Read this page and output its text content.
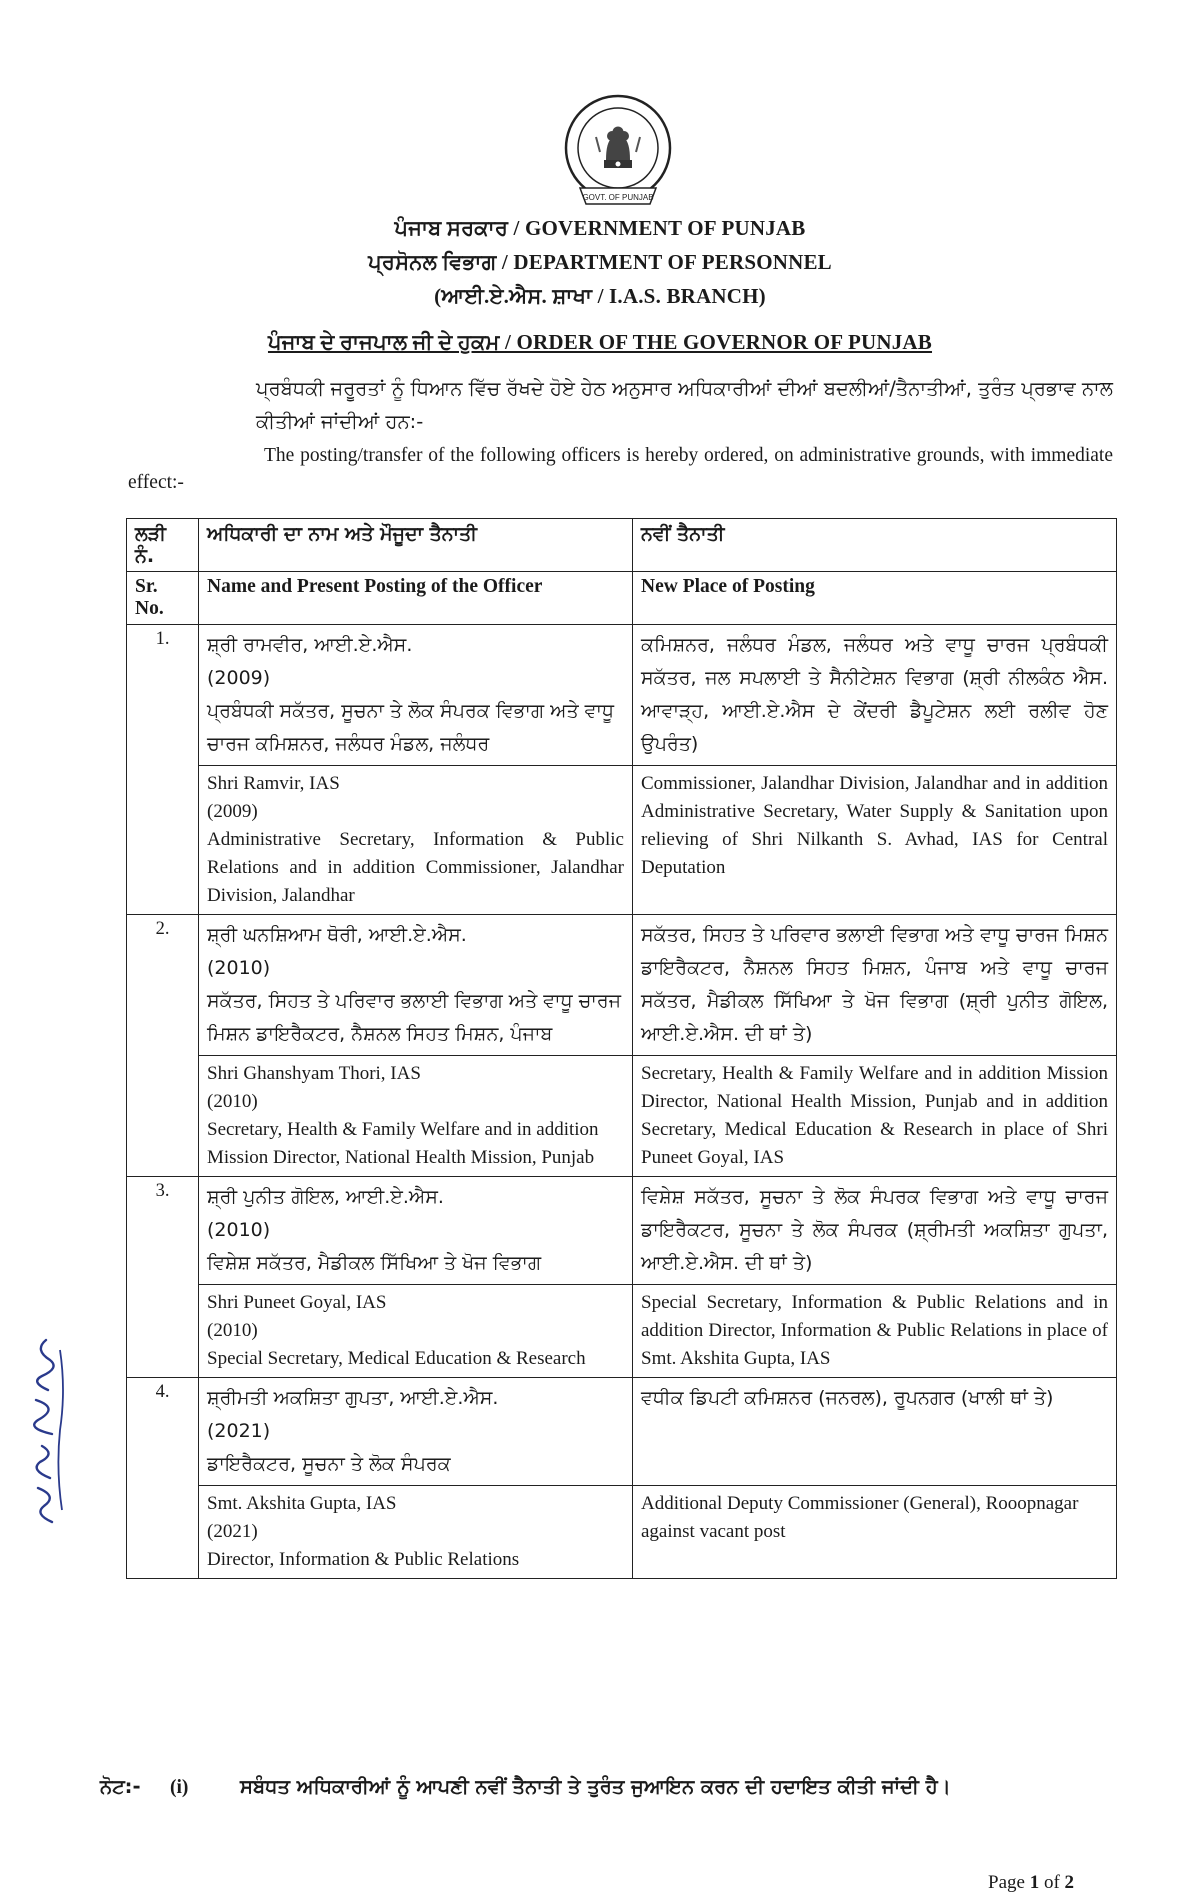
GOVT. OF PUNJAB
ਪੰਜਾਬ ਸਰਕਾਰ / GOVERNMENT OF PUNJAB
ਪ੍ਰਸੋਨਲ ਵਿਭਾਗ / DEPARTMENT OF PERSONNEL
(ਆਈ.ਏ.ਐਸ. ਸ਼ਾਖਾ / I.A.S. BRANCH)
ਪੰਜਾਬ ਦੇ ਰਾਜਪਾਲ ਜੀ ਦੇ ਹੁਕਮ / ORDER OF THE GOVERNOR OF PUNJAB
ਪ੍ਰਬੰਧਕੀ ਜਰੂਰਤਾਂ ਨੂੰ ਧਿਆਨ ਵਿੱਚ ਰੱਖਦੇ ਹੋਏ ਹੇਠ ਅਨੁਸਾਰ ਅਧਿਕਾਰੀਆਂ ਦੀਆਂ ਬਦਲੀਆਂ/ਤੈਨਾਤੀਆਂ, ਤੁਰੰਤ ਪ੍ਰਭਾਵ ਨਾਲ ਕੀਤੀਆਂ ਜਾਂਦੀਆਂ ਹਨ:-
The posting/transfer of the following officers is hereby ordered, on administrative grounds, with immediate effect:-
ਲੜੀ ਨੰ.	ਅਧਿਕਾਰੀ ਦਾ ਨਾਮ ਅਤੇ ਮੌਜੂਦਾ ਤੈਨਾਤੀ	ਨਵੀਂ ਤੈਨਾਤੀ
Sr. No.	Name and Present Posting of the Officer	New Place of Posting
1.	ਸ਼੍ਰੀ ਰਾਮਵੀਰ, ਆਈ.ਏ.ਐਸ.
(2009)
ਪ੍ਰਬੰਧਕੀ ਸਕੱਤਰ, ਸੂਚਨਾ ਤੇ ਲੋਕ ਸੰਪਰਕ ਵਿਭਾਗ ਅਤੇ ਵਾਧੂ ਚਾਰਜ ਕਮਿਸ਼ਨਰ, ਜਲੰਧਰ ਮੰਡਲ, ਜਲੰਧਰ	ਕਮਿਸ਼ਨਰ, ਜਲੰਧਰ ਮੰਡਲ, ਜਲੰਧਰ ਅਤੇ ਵਾਧੂ ਚਾਰਜ ਪ੍ਰਬੰਧਕੀ ਸਕੱਤਰ, ਜਲ ਸਪਲਾਈ ਤੇ ਸੈਨੀਟੇਸ਼ਨ ਵਿਭਾਗ (ਸ਼੍ਰੀ ਨੀਲਕੰਠ ਐਸ. ਆਵਾੜ੍ਹ, ਆਈ.ਏ.ਐਸ ਦੇ ਕੇਂਦਰੀ ਡੈਪੂਟੇਸ਼ਨ ਲਈ ਰਲੀਵ ਹੋਣ ਉਪਰੰਤ)

	Shri Ramvir, IAS
(2009)
Administrative Secretary, Information & Public Relations and in addition Commissioner, Jalandhar Division, Jalandhar	Commissioner, Jalandhar Division, Jalandhar and in addition Administrative Secretary, Water Supply & Sanitation upon relieving of Shri Nilkanth S. Avhad, IAS for Central Deputation
2.	ਸ਼੍ਰੀ ਘਨਸ਼ਿਆਮ ਥੋਰੀ, ਆਈ.ਏ.ਐਸ.
(2010)
ਸਕੱਤਰ, ਸਿਹਤ ਤੇ ਪਰਿਵਾਰ ਭਲਾਈ ਵਿਭਾਗ ਅਤੇ ਵਾਧੂ ਚਾਰਜ ਮਿਸ਼ਨ ਡਾਇਰੈਕਟਰ, ਨੈਸ਼ਨਲ ਸਿਹਤ ਮਿਸ਼ਨ, ਪੰਜਾਬ	ਸਕੱਤਰ, ਸਿਹਤ ਤੇ ਪਰਿਵਾਰ ਭਲਾਈ ਵਿਭਾਗ ਅਤੇ ਵਾਧੂ ਚਾਰਜ ਮਿਸ਼ਨ ਡਾਇਰੈਕਟਰ, ਨੈਸ਼ਨਲ ਸਿਹਤ ਮਿਸ਼ਨ, ਪੰਜਾਬ ਅਤੇ ਵਾਧੂ ਚਾਰਜ ਸਕੱਤਰ, ਮੈਡੀਕਲ ਸਿੱਖਿਆ ਤੇ ਖੋਜ ਵਿਭਾਗ (ਸ਼੍ਰੀ ਪੁਨੀਤ ਗੋਇਲ, ਆਈ.ਏ.ਐਸ. ਦੀ ਥਾਂ ਤੇ)

	Shri Ghanshyam Thori, IAS
(2010)
Secretary, Health & Family Welfare and in addition Mission Director, National Health Mission, Punjab	Secretary, Health & Family Welfare and in addition Mission Director, National Health Mission, Punjab and in addition Secretary, Medical Education & Research in place of Shri Puneet Goyal, IAS
3.	ਸ਼੍ਰੀ ਪੁਨੀਤ ਗੋਇਲ, ਆਈ.ਏ.ਐਸ.
(2010)
ਵਿਸ਼ੇਸ਼ ਸਕੱਤਰ, ਮੈਡੀਕਲ ਸਿੱਖਿਆ ਤੇ ਖੋਜ ਵਿਭਾਗ	ਵਿਸ਼ੇਸ਼ ਸਕੱਤਰ, ਸੂਚਨਾ ਤੇ ਲੋਕ ਸੰਪਰਕ ਵਿਭਾਗ ਅਤੇ ਵਾਧੂ ਚਾਰਜ ਡਾਇਰੈਕਟਰ, ਸੂਚਨਾ ਤੇ ਲੋਕ ਸੰਪਰਕ (ਸ਼੍ਰੀਮਤੀ ਅਕਸ਼ਿਤਾ ਗੁਪਤਾ, ਆਈ.ਏ.ਐਸ. ਦੀ ਥਾਂ ਤੇ)

	Shri Puneet Goyal, IAS
(2010)
Special Secretary, Medical Education & Research	Special Secretary, Information & Public Relations and in addition Director, Information & Public Relations in place of Smt. Akshita Gupta, IAS
4.	ਸ਼੍ਰੀਮਤੀ ਅਕਸ਼ਿਤਾ ਗੁਪਤਾ, ਆਈ.ਏ.ਐਸ.
(2021)
ਡਾਇਰੈਕਟਰ, ਸੂਚਨਾ ਤੇ ਲੋਕ ਸੰਪਰਕ	ਵਧੀਕ ਡਿਪਟੀ ਕਮਿਸ਼ਨਰ (ਜਨਰਲ), ਰੂਪਨਗਰ (ਖਾਲੀ ਥਾਂ ਤੇ)

	Smt. Akshita Gupta, IAS
(2021)
Director, Information & Public Relations	Additional Deputy Commissioner (General), Rooopnagar against vacant post
ਨੋਟ:- (i)	ਸਬੰਧਤ ਅਧਿਕਾਰੀਆਂ ਨੂੰ ਆਪਣੀ ਨਵੀਂ ਤੈਨਾਤੀ ਤੇ ਤੁਰੰਤ ਜੁਆਇਨ ਕਰਨ ਦੀ ਹਦਾਇਤ ਕੀਤੀ ਜਾਂਦੀ ਹੈ।
Page 1 of 2
